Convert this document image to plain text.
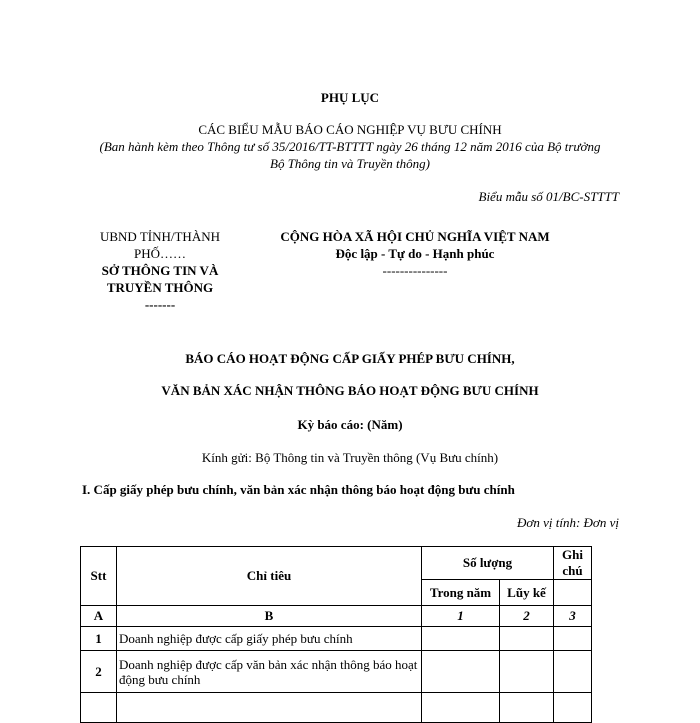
PHỤ LỤC
CÁC BIỂU MẪU BÁO CÁO NGHIỆP VỤ BƯU CHÍNH
(Ban hành kèm theo Thông tư số 35/2016/TT-BTTTT ngày 26 tháng 12 năm 2016 của Bộ trưởng
Bộ Thông tin và Truyền thông)
Biểu mẫu số 01/BC-STTTT
UBND TỈNH/THÀNH
PHỐ……
SỞ THÔNG TIN VÀ
TRUYỀN THÔNG
-------
CỘNG HÒA XÃ HỘI CHỦ NGHĨA VIỆT NAM
Độc lập - Tự do - Hạnh phúc
---------------
BÁO CÁO HOẠT ĐỘNG CẤP GIẤY PHÉP BƯU CHÍNH,
VĂN BẢN XÁC NHẬN THÔNG BÁO HOẠT ĐỘNG BƯU CHÍNH
Kỳ báo cáo: (Năm)
Kính gửi: Bộ Thông tin và Truyền thông (Vụ Bưu chính)
I. Cấp giấy phép bưu chính, văn bản xác nhận thông báo hoạt động bưu chính
Đơn vị tính: Đơn vị
Stt	Chỉ tiêu	Số lượng		Ghi chú
		Trong năm	Lũy kế	
A	B	1	2	3
1	Doanh nghiệp được cấp giấy phép bưu chính			
2	Doanh nghiệp được cấp văn bản xác nhận thông báo hoạt động bưu chính			
